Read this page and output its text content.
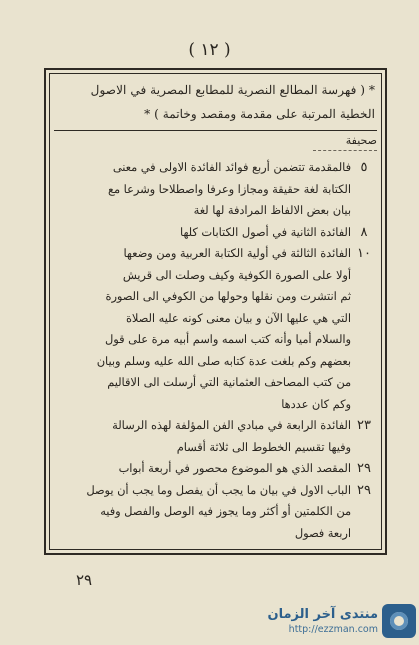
( ١٢ )
* ( فهرسة المطالع النصرية للمطابع المصرية في الاصول
الخطية المرتبة على مقدمة ومقصد وخاتمة ) *
صحيفة
٥
فالمقدمة تتضمن أربع فوائد الفائدة الاولى في معنى
الكتابة لغة حقيقة ومجازا وعرفا واصطلاحا وشرعا مع
بيان بعض الالفاظ المرادفة لها لغة
٨
الفائدة الثانية في أصول الكتابات كلها
١٠
الفائدة الثالثة في أولية الكتابة العربية ومن وضعها
أولا على الصورة الكوفية وكيف وصلت الى قريش
ثم انتشرت ومن نقلها وحولها من الكوفي الى الصورة
التي هي عليها الآن و بيان معنى كونه عليه الصلاة
والسلام أميا وأنه كتب اسمه واسم أبيه مرة على قول
بعضهم وكم بلغت عدة كتابه صلى الله عليه وسلم وبيان
من كتب المصاحف العثمانية التي أرسلت الى الاقاليم
وكم كان عددها
٢٣
الفائدة الرابعة في مبادي الفن المؤلفة لهذه الرسالة
وفيها تقسيم الخطوط الى ثلاثة أقسام
٢٩
المقصد الذي هو الموضوع محصور في أربعة أبواب
٢٩
الباب الاول في بيان ما يجب أن يفصل وما يجب أن يوصل
من الكلمتين أو أكثر وما يجوز فيه الوصل والفصل وفيه
اربعة فصول
٢٩
منتدى آخر الزمان
http://ezzman.com
